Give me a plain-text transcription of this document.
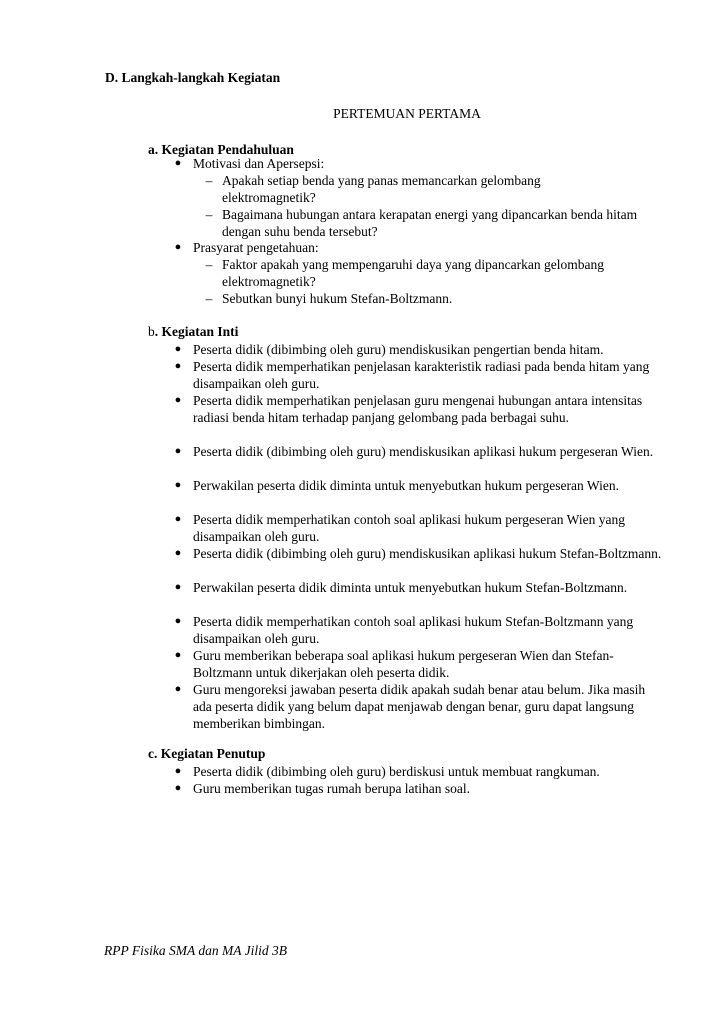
D. Langkah-langkah Kegiatan
PERTEMUAN PERTAMA
a. Kegiatan Pendahuluan
● Motivasi dan Apersepsi:
– Apakah setiap benda yang panas memancarkan gelombang elektromagnetik?
– Bagaimana hubungan antara kerapatan energi yang dipancarkan benda hitam dengan suhu benda tersebut?
● Prasyarat pengetahuan:
– Faktor apakah yang mempengaruhi daya yang dipancarkan gelombang elektromagnetik?
– Sebutkan bunyi hukum Stefan-Boltzmann.
b. Kegiatan Inti
● Peserta didik (dibimbing oleh guru) mendiskusikan pengertian benda hitam.
● Peserta didik memperhatikan penjelasan karakteristik radiasi pada benda hitam yang disampaikan oleh guru.
● Peserta didik memperhatikan penjelasan guru mengenai hubungan antara intensitas radiasi benda hitam terhadap panjang gelombang pada berbagai suhu.
● Peserta didik (dibimbing oleh guru) mendiskusikan aplikasi hukum pergeseran Wien.
● Perwakilan peserta didik diminta untuk menyebutkan hukum pergeseran Wien.
● Peserta didik memperhatikan contoh soal aplikasi hukum pergeseran Wien yang disampaikan oleh guru.
● Peserta didik (dibimbing oleh guru) mendiskusikan aplikasi hukum Stefan-Boltzmann.
● Perwakilan peserta didik diminta untuk menyebutkan hukum Stefan-Boltzmann.
● Peserta didik memperhatikan contoh soal aplikasi hukum Stefan-Boltzmann yang disampaikan oleh guru.
● Guru memberikan beberapa soal aplikasi hukum pergeseran Wien dan Stefan-Boltzmann untuk dikerjakan oleh peserta didik.
● Guru mengoreksi jawaban peserta didik apakah sudah benar atau belum. Jika masih ada peserta didik yang belum dapat menjawab dengan benar, guru dapat langsung memberikan bimbingan.
c. Kegiatan Penutup
● Peserta didik (dibimbing oleh guru) berdiskusi untuk membuat rangkuman.
● Guru memberikan tugas rumah berupa latihan soal.
RPP Fisika SMA dan MA Jilid 3B
